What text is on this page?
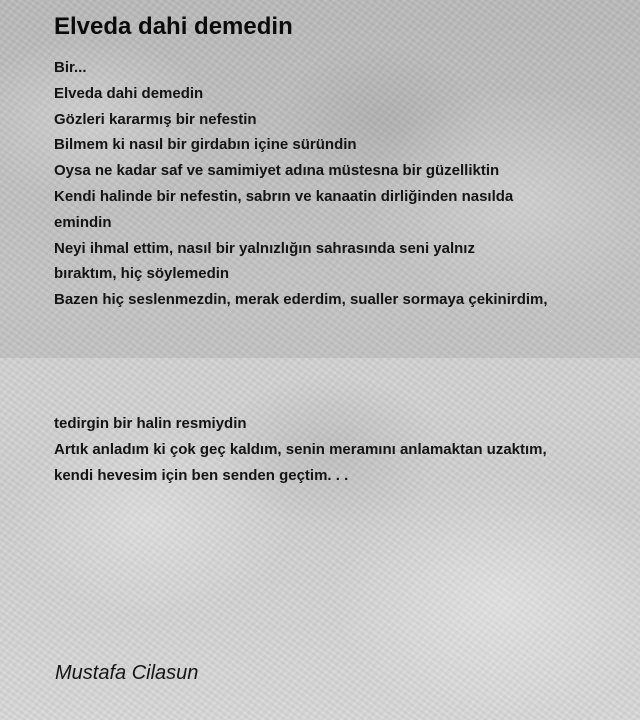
Elveda dahi demedin
Bir...
Elveda dahi demedin
Gözleri kararmış bir nefestin
Bilmem ki nasıl bir girdabın içine süründin
Oysa ne kadar saf ve samimiyet adına müstesna bir güzelliktin
Kendi halinde bir nefestin, sabrın ve kanaatin dirliğinden nasılda
emindin
Neyi ihmal ettim, nasıl bir yalnızlığın sahrasında seni yalnız
bıraktım, hiç söylemedin
Bazen hiç seslenmezdin, merak ederdim, sualler sormaya çekinirdim,
tedirgin bir halin resmiydin
Artık anladım ki çok geç kaldım, senin meramını anlamaktan uzaktım,
kendi hevesim için ben senden geçtim. . .
Mustafa Cilasun
